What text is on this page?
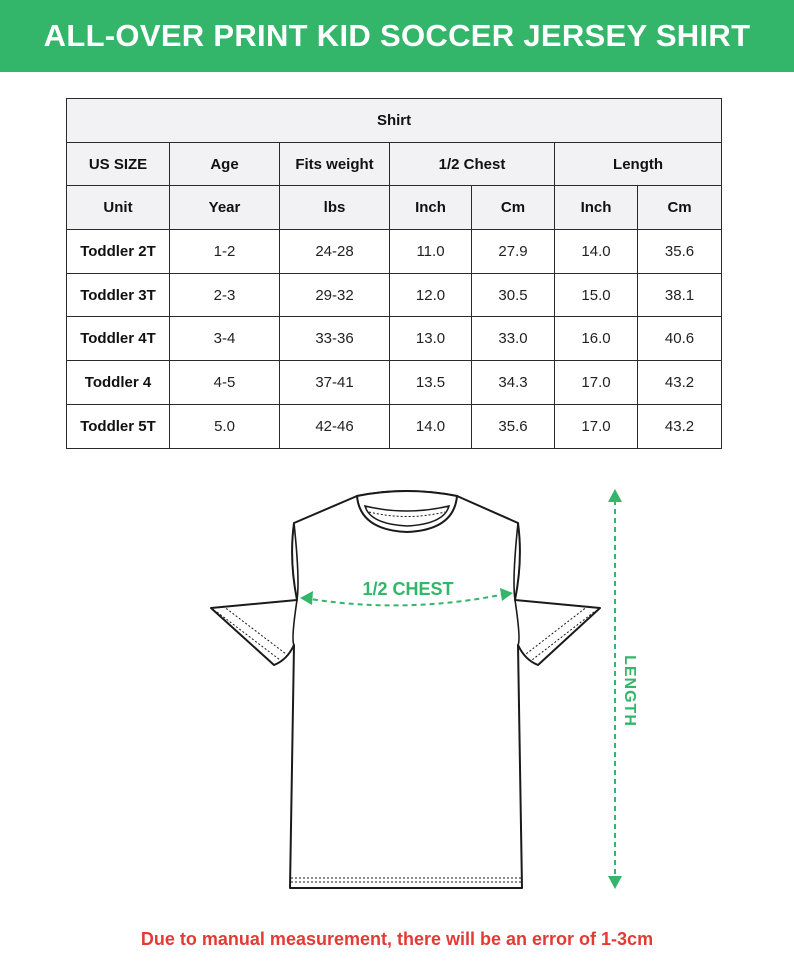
ALL-OVER PRINT KID SOCCER JERSEY SHIRT
Shirt						
US SIZE	Age	Fits weight	1/2 Chest		Length	
Unit	Year	lbs	Inch	Cm	Inch	Cm
Toddler 2T	1-2	24-28	11.0	27.9	14.0	35.6
Toddler 3T	2-3	29-32	12.0	30.5	15.0	38.1
Toddler 4T	3-4	33-36	13.0	33.0	16.0	40.6
Toddler 4	4-5	37-41	13.5	34.3	17.0	43.2
Toddler 5T	5.0	42-46	14.0	35.6	17.0	43.2
1/2 CHEST
LENGTH
Due to manual measurement, there will be an error of 1-3cm
